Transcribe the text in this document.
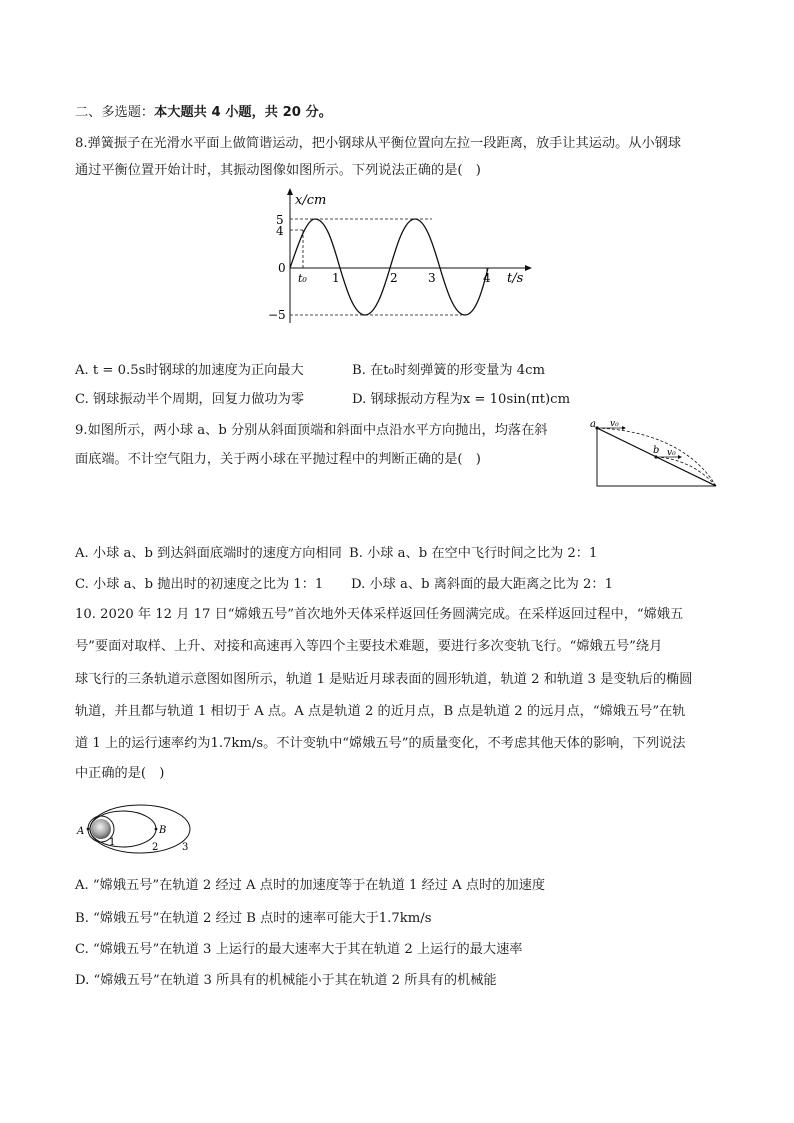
二、多选题：本大题共 4 小题，共 20 分。
8.弹簧振子在光滑水平面上做简谐运动，把小钢球从平衡位置向左拉一段距离，放手让其运动。从小钢球
通过平衡位置开始计时，其振动图像如图所示。下列说法正确的是(　)
x/cm
5
4
0
−5
t₀ 1	2	3	4 t/s
A. t = 0.5s时钢球的加速度为正向最大	B. 在t₀时刻弹簧的形变量为 4cm
C. 钢球振动半个周期，回复力做功为零	D. 钢球振动方程为x = 10sin(πt)cm
9.如图所示，两小球 a、b 分别从斜面顶端和斜面中点沿水平方向抛出，均落在斜
面底端。不计空气阻力，关于两小球在平抛过程中的判断正确的是(　)
a v₀
b v₀
A. 小球 a、b 到达斜面底端时的速度方向相同 B. 小球 a、b 在空中飞行时间之比为 2：1
C. 小球 a、b 抛出时的初速度之比为 1：1 D. 小球 a、b 离斜面的最大距离之比为 2：1
10. 2020 年 12 月 17 日“嫦娥五号”首次地外天体采样返回任务圆满完成。在采样返回过程中，“嫦娥五
号”要面对取样、上升、对接和高速再入等四个主要技术难题，要进行多次变轨飞行。“嫦娥五号”绕月
球飞行的三条轨道示意图如图所示，轨道 1 是贴近月球表面的圆形轨道，轨道 2 和轨道 3 是变轨后的椭圆
轨道，并且都与轨道 1 相切于 A 点。A 点是轨道 2 的近月点，B 点是轨道 2 的远月点，“嫦娥五号”在轨
道 1 上的运行速率约为1.7km/s。不计变轨中“嫦娥五号”的质量变化，不考虑其他天体的影响，下列说法
中正确的是(　)
A	B
1	2 3
A. “嫦娥五号”在轨道 2 经过 A 点时的加速度等于在轨道 1 经过 A 点时的加速度
B. “嫦娥五号”在轨道 2 经过 B 点时的速率可能大于1.7km/s
C. “嫦娥五号”在轨道 3 上运行的最大速率大于其在轨道 2 上运行的最大速率
D. “嫦娥五号”在轨道 3 所具有的机械能小于其在轨道 2 所具有的机械能
